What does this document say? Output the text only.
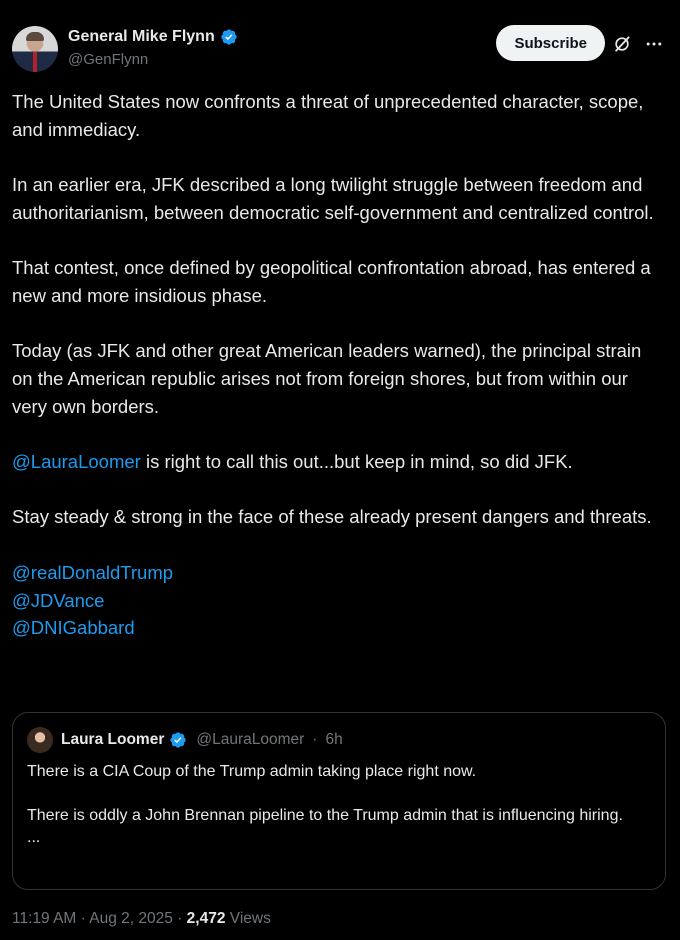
General Mike Flynn
@GenFlynn
Subscribe

The United States now confronts a threat of unprecedented character, scope, and immediacy.

In an earlier era, JFK described a long twilight struggle between freedom and authoritarianism, between democratic self-government and centralized control.

That contest, once defined by geopolitical confrontation abroad, has entered a new and more insidious phase.

Today (as JFK and other great American leaders warned), the principal strain on the American republic arises not from foreign shores, but from within our very own borders.

@LauraLoomer is right to call this out...but keep in mind, so did JFK.

Stay steady & strong in the face of these already present dangers and threats.

@realDonaldTrump
@JDVance
@DNIGabbard
Laura Loomer @LauraLoomer · 6h

There is a CIA Coup of the Trump admin taking place right now.

There is oddly a John Brennan pipeline to the Trump admin that is influencing hiring.

...

11:19 AM · Aug 2, 2025 · 2,472 Views
